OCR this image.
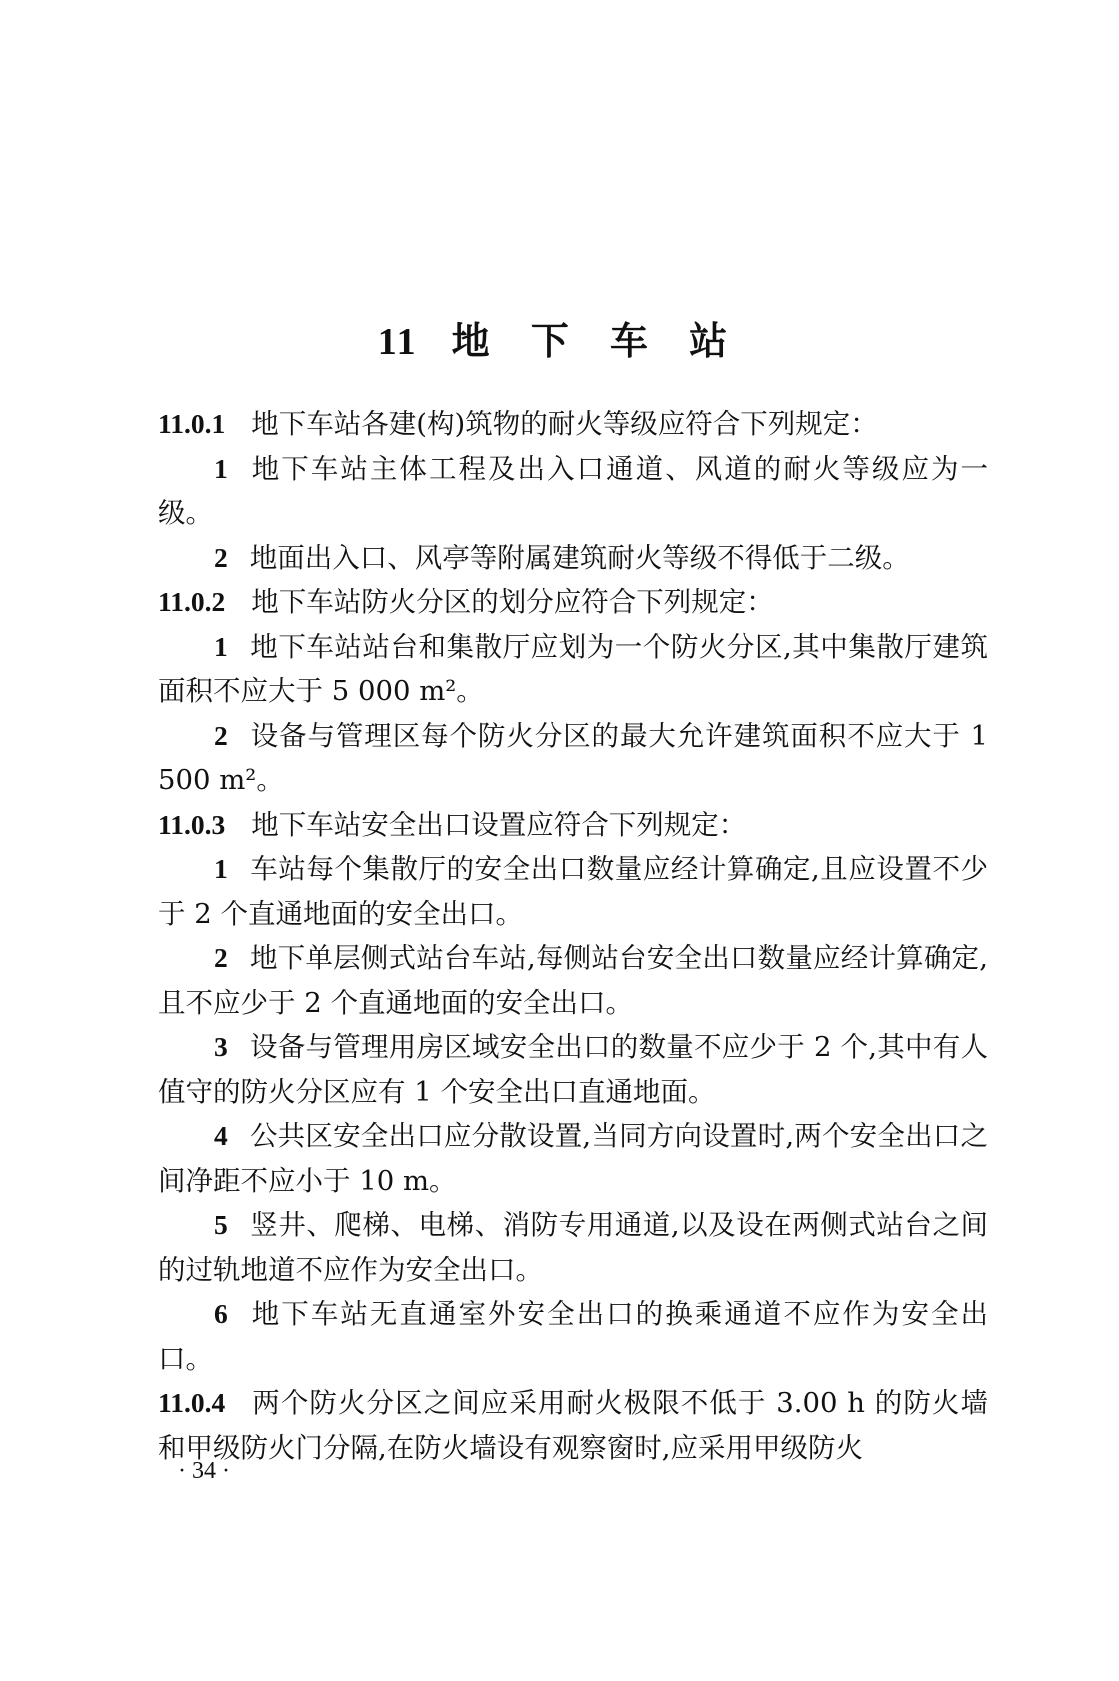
11 地 下 车 站

11.0.1 地下车站各建(构)筑物的耐火等级应符合下列规定：

1 地下车站主体工程及出入口通道、风道的耐火等级应为一级。

2 地面出入口、风亭等附属建筑耐火等级不得低于二级。

11.0.2 地下车站防火分区的划分应符合下列规定：

1 地下车站站台和集散厅应划为一个防火分区,其中集散厅建筑面积不应大于 5 000 m²。

2 设备与管理区每个防火分区的最大允许建筑面积不应大于 1 500 m²。

11.0.3 地下车站安全出口设置应符合下列规定：

1 车站每个集散厅的安全出口数量应经计算确定,且应设置不少于 2 个直通地面的安全出口。

2 地下单层侧式站台车站,每侧站台安全出口数量应经计算确定,且不应少于 2 个直通地面的安全出口。

3 设备与管理用房区域安全出口的数量不应少于 2 个,其中有人值守的防火分区应有 1 个安全出口直通地面。

4 公共区安全出口应分散设置,当同方向设置时,两个安全出口之间净距不应小于 10 m。

5 竖井、爬梯、电梯、消防专用通道,以及设在两侧式站台之间的过轨地道不应作为安全出口。

6 地下车站无直通室外安全出口的换乘通道不应作为安全出口。

11.0.4 两个防火分区之间应采用耐火极限不低于 3.00 h 的防火墙和甲级防火门分隔,在防火墙设有观察窗时,应采用甲级防火

· 34 ·
